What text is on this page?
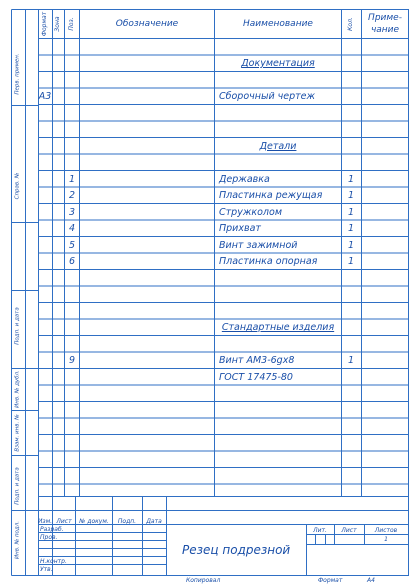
Формат Зона Поз.	Обозначение	Наименование	Кол. Приме-
чание
Документация
А3	Сборочный чертеж
Детали
1	Державка	1
2	Пластинка режущая	1
3	Стружколом	1
4	Прихват	1
5	Винт зажимной	1
6	Пластинка опорная	1
Стандартные изделия
9	Винт АМ3-6gх8	1
ГОСТ 17475-80
Перв. примен.
Справ. №
Подп. и дата
Инв. № дубл.
Взам. инв. №
Подп. и дата
Инв. № подл.	Изм. Лист № докум. Подп. Дата
Разраб.
Пров.
Н.контр.
Утв.
Резец подрезной
Лит. Лист	Листов
1
Копировал	Формат	А4
